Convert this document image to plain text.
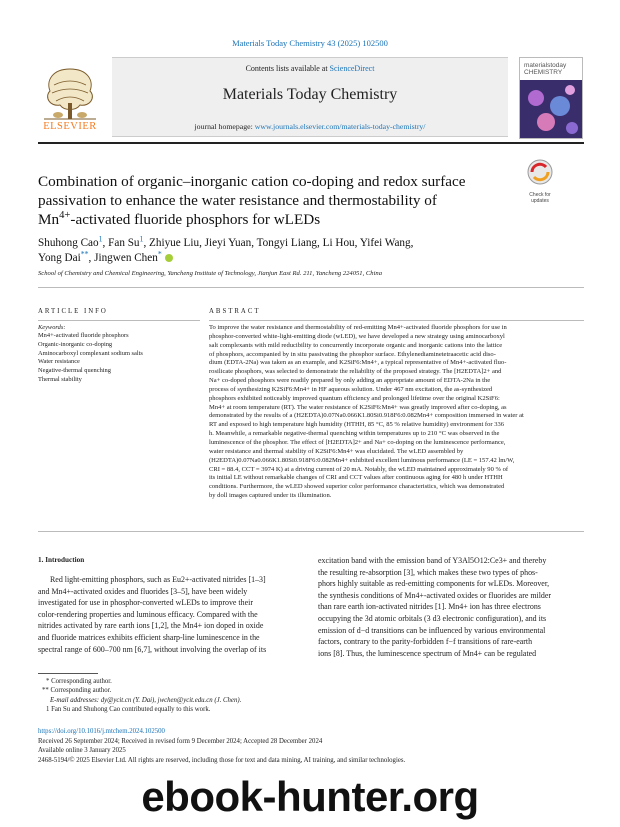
Materials Today Chemistry 43 (2025) 102500
ELSEVIER
Contents lists available at ScienceDirect
Materials Today Chemistry
journal homepage: www.journals.elsevier.com/materials-today-chemistry/
materialstoday CHEMISTRY
Combination of organic–inorganic cation co-doping and redox surface
passivation to enhance the water resistance and thermostability of
$Mn^{4+}$-activated fluoride phosphors for wLEDs
Check for updates
Shuhong Cao$^1$, Fan Su$^1$, Zhiyue Liu, Jieyi Yuan, Tongyi Liang, Li Hou, Yifei Wang,
Yong Dai**, Jingwen Chen*
School of Chemistry and Chemical Engineering, Yancheng Institute of Technology, Jianjun East Rd. 211, Yancheng 224051, China
ARTICLE INFO	ABSTRACT
Keywords:
Mn4+-activated fluoride phosphors
Organic-inorganic co-doping
Aminocarboxyl complexant sodium salts
Water resistance
Negative-thermal quenching
Thermal stability
To improve the water resistance and thermostability of red-emitting Mn4+-activated fluoride phosphors for use in
phosphor-converted white-light-emitting diode (wLED), we have developed a new strategy using aminocarboxyl
salt complexants with mild reducibility to concurrently incorporate organic and inorganic cations into the lattice
of phosphors, accompanied by in situ passivating the phosphor surface. Ethylenediaminetetraacetic acid diso-
dium (EDTA-2Na) was taken as an example, and K2SiF6:Mn4+, a typical representative of Mn4+-activated fluo-
rosilicate phosphors, was selected to demonstrate the reliability of the proposed strategy. The [H2EDTA]2+ and
Na+ co-doped phosphors were readily prepared by only adding an appropriate amount of EDTA-2Na in the
process of synthesizing K2SiF6:Mn4+ in HF aqueous solution. Under 467 nm excitation, the as-synthesized
phosphors exhibited noticeably improved quantum efficiency and prolonged lifetime over the original K2SiF6:
Mn4+ at room temperature (RT). The water resistance of K2SiF6:Mn4+ was greatly improved after co-doping, as
demonstrated by the results of a (H2EDTA)0.07Na0.066K1.80Si0.918F6:0.082Mn4+ composition immersed in water at
RT and exposed to high temperature high humidity (HTHH, 85 °C, 85 % relative humidity) environment for 336
h. Meanwhile, a remarkable negative-thermal quenching within temperatures up to 210 °C was observed in the
luminescence of the phosphor. The effect of [H2EDTA]2+ and Na+ co-doping on the luminescence performance,
water resistance and thermal stability of K2SiF6:Mn4+ was elucidated. The wLED assembled by
(H2EDTA)0.07Na0.066K1.80Si0.918F6:0.082Mn4+ exhibited excellent luminous performance (LE = 157.42 lm/W,
CRI = 88.4, CCT = 3974 K) at a driving current of 20 mA. Notably, the wLED maintained approximately 90 % of
its initial LE without remarkable changes of CRI and CCT values after continuous aging for 480 h under HTHH
conditions. Furthermore, the wLED showed superior color performance characteristics, which was demonstrated
by doll images captured under its illumination.
1. Introduction
Red light-emitting phosphors, such as Eu2+-activated nitrides [1–3]
and Mn4+-activated oxides and fluorides [3–5], have been widely
investigated for use in phosphor-converted wLEDs to improve their
color-rendering properties and luminous efficacy. Compared with the
nitrides activated by rare earth ions [1,2], the Mn4+ ion doped in oxide
and fluoride matrices exhibits efficient sharp-line luminescence in the
spectral range of 600–700 nm [6,7], without involving the overlap of its
excitation band with the emission band of Y3Al5O12:Ce3+ and thereby
the resulting re-absorption [3], which makes these two types of phos-
phors highly suitable as red-emitting components for wLEDs. Moreover,
the synthesis conditions of Mn4+-activated oxides or fluorides are milder
than rare earth ion-activated nitrides [1]. Mn4+ ion has three electrons
occupying the 3d atomic orbitals (3 d3 electronic configuration), and its
emission of d−d transitions can be influenced by various environmental
factors, contrary to the parity-forbidden f−f transitions of rare-earth
ions [8]. Thus, the luminescence spectrum of Mn4+ can be regulated
* Corresponding author.
** Corresponding author.
E-mail addresses: dy@ycit.cn (Y. Dai), jwchen@ycit.edu.cn (J. Chen).
1 Fan Su and Shuhong Cao contributed equally to this work.
https://doi.org/10.1016/j.mtchem.2024.102500
Received 26 September 2024; Received in revised form 9 December 2024; Accepted 28 December 2024
Available online 3 January 2025
2468-5194/© 2025 Elsevier Ltd. All rights are reserved, including those for text and data mining, AI training, and similar technologies.
ebook-hunter.org
